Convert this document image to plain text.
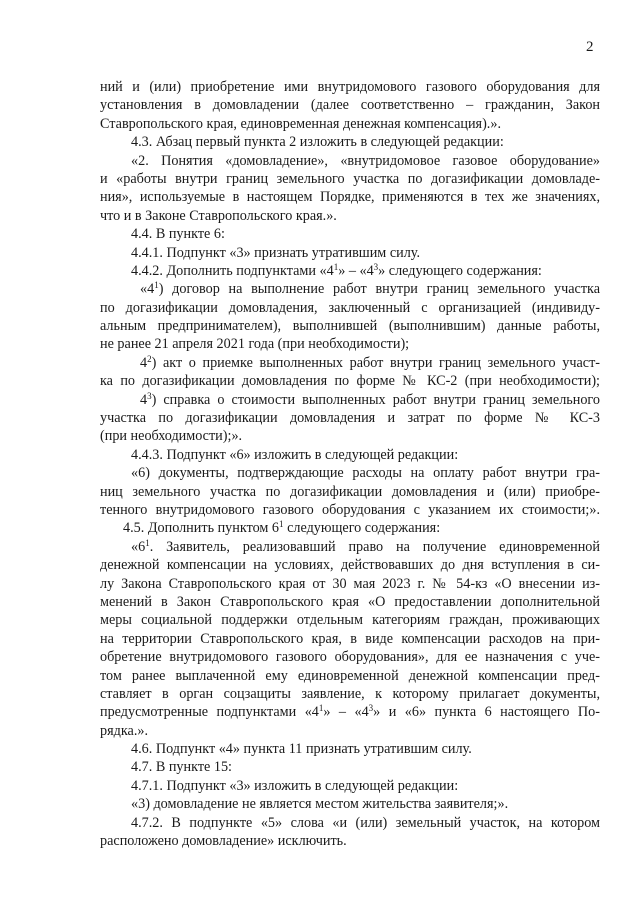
2
ний и (или) приобретение ими внутридомового газового оборудования для
установления в домовладении (далее соответственно – гражданин, Закон
Ставропольского края, единовременная денежная компенсация).».
4.3. Абзац первый пункта 2 изложить в следующей редакции:
«2. Понятия «домовладение», «внутридомовое газовое оборудование»
и «работы внутри границ земельного участка по догазификации домовладе-
ния», используемые в настоящем Порядке, применяются в тех же значениях,
что и в Законе Ставропольского края.».
4.4. В пункте 6:
4.4.1. Подпункт «3» признать утратившим силу.
4.4.2. Дополнить подпунктами «$4^1$» – «$4^3$» следующего содержания:
«$4^1$) договор на выполнение работ внутри границ земельного участка
по догазификации домовладения, заключенный с организацией (индивиду-
альным предпринимателем), выполнившей (выполнившим) данные работы,
не ранее 21 апреля 2021 года (при необходимости);
$4^2$) акт о приемке выполненных работ внутри границ земельного участ-
ка по догазификации домовладения по форме № КС-2 (при необходимости);
$4^3$) справка о стоимости выполненных работ внутри границ земельного
участка по догазификации домовладения и затрат по форме № КС-3
(при необходимости);».
4.4.3. Подпункт «6» изложить в следующей редакции:
«6) документы, подтверждающие расходы на оплату работ внутри гра-
ниц земельного участка по догазификации домовладения и (или) приобре-
тенного внутридомового газового оборудования с указанием их стоимости;».
4.5. Дополнить пунктом $6^1$ следующего содержания:
«$6^1$. Заявитель, реализовавший право на получение единовременной
денежной компенсации на условиях, действовавших до дня вступления в си-
лу Закона Ставропольского края от 30 мая 2023 г. № 54-кз «О внесении из-
менений в Закон Ставропольского края «О предоставлении дополнительной
меры социальной поддержки отдельным категориям граждан, проживающих
на территории Ставропольского края, в виде компенсации расходов на при-
обретение внутридомового газового оборудования», для ее назначения с уче-
том ранее выплаченной ему единовременной денежной компенсации пред-
ставляет в орган соцзащиты заявление, к которому прилагает документы,
предусмотренные подпунктами «$4^1$» – «$4^3$» и «6» пункта 6 настоящего По-
рядка.».
4.6. Подпункт «4» пункта 11 признать утратившим силу.
4.7. В пункте 15:
4.7.1. Подпункт «3» изложить в следующей редакции:
«3) домовладение не является местом жительства заявителя;».
4.7.2. В подпункте «5» слова «и (или) земельный участок, на котором
расположено домовладение» исключить.
